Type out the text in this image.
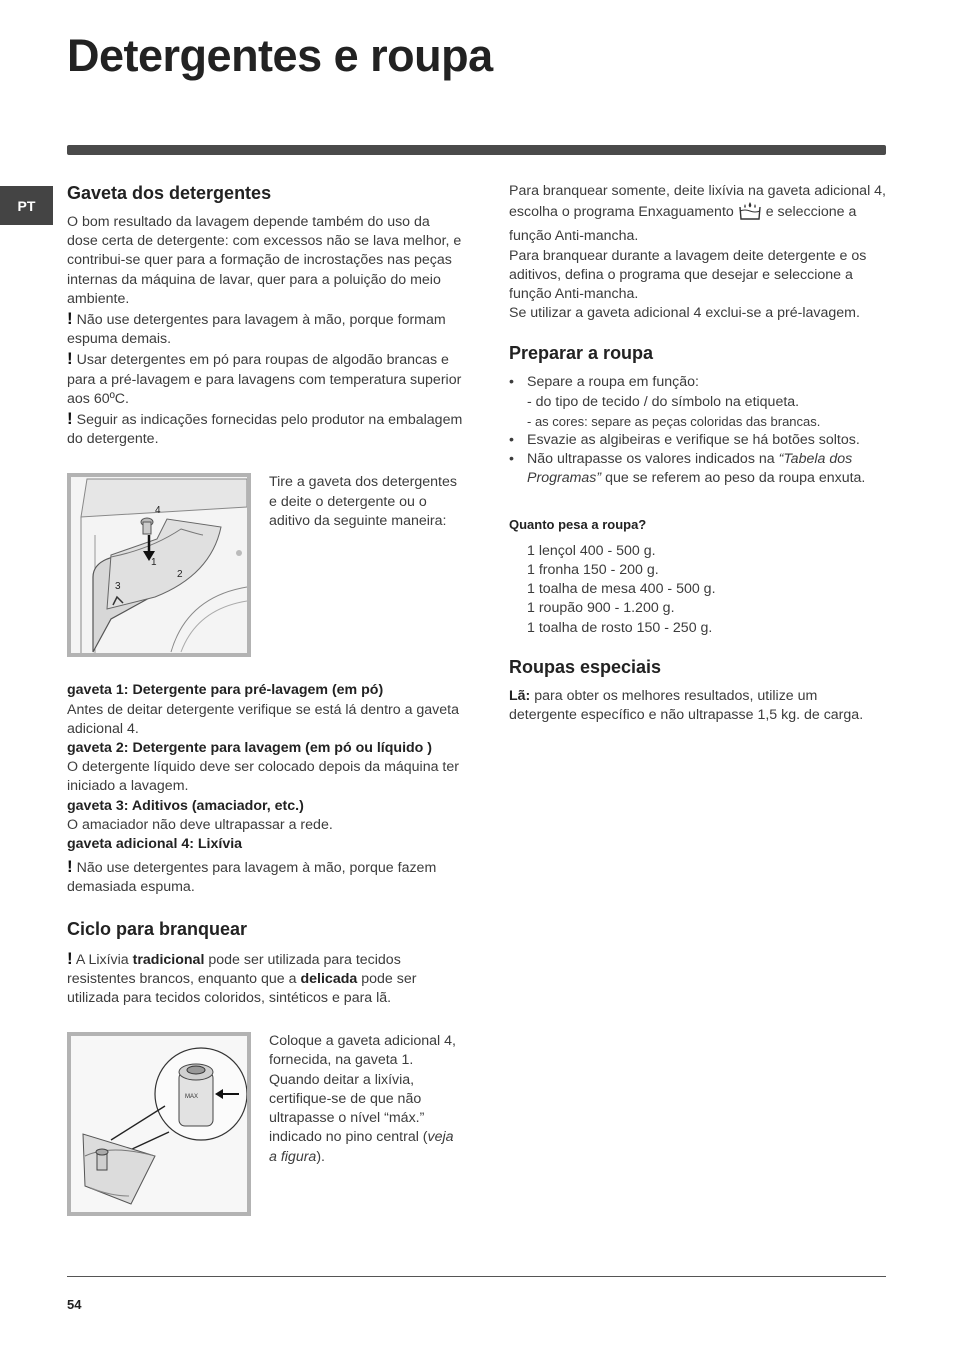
Detergentes e roupa
PT
Gaveta dos detergentes

O bom resultado da lavagem depende também do uso da dose certa de detergente: com excessos não se lava melhor, e contribui-se quer para a formação de incrostações nas peças internas da máquina de lavar, quer para a poluição do meio ambiente.

! Não use detergentes para lavagem à mão, porque formam espuma demais.

! Usar detergentes em pó para roupas de algodão brancas e para a pré-lavagem e para lavagens com temperatura superior aos 60ºC.

! Seguir as indicações fornecidas pelo produtor na embalagem do detergente.

4
1
2
3
Tire a gaveta dos detergentes e deite o detergente ou o aditivo da seguinte maneira:

gaveta 1: Detergente para pré-lavagem (em pó)

Antes de deitar detergente verifique se está lá dentro a gaveta adicional 4.

gaveta 2: Detergente para lavagem (em pó ou líquido )

O detergente líquido deve ser colocado depois da máquina ter iniciado a lavagem.

gaveta 3: Aditivos (amaciador, etc.)

O amaciador não deve ultrapassar a rede.

gaveta adicional 4: Lixívia

! Não use detergentes para lavagem à mão, porque fazem demasiada espuma.

Ciclo para branquear

! A Lixívia tradicional pode ser utilizada para tecidos resistentes brancos, enquanto que a delicada pode ser utilizada para tecidos coloridos, sintéticos e para lã.

MAX
Coloque a gaveta adicional 4, fornecida, na gaveta 1. Quando deitar a lixívia, certifique-se de que não ultrapasse o nível “máx.” indicado no pino central (veja a figura).

Para branquear somente, deite lixívia na gaveta adicional 4, escolha o programa Enxaguamento e seleccione a função Anti-mancha.

Para branquear durante a lavagem deite detergente e os aditivos, defina o programa que desejar e seleccione a função Anti-mancha.

Se utilizar a gaveta adicional 4 exclui-se a pré-lavagem.

Preparar a roupa
• Separe a roupa em função:
- do tipo de tecido / do símbolo na etiqueta.
- as cores: separe as peças coloridas das brancas.
• Esvazie as algibeiras e verifique se há botões soltos.
• Não ultrapasse os valores indicados na “Tabela dos Programas” que se referem ao peso da roupa enxuta.
Quanto pesa a roupa?
1 lençol 400 - 500 g.
1 fronha 150 - 200 g.
1 toalha de mesa 400 - 500 g.
1 roupão 900 - 1.200 g.
1 toalha de rosto 150 - 250 g.
Roupas especiais

Lã: para obter os melhores resultados, utilize um detergente específico e não ultrapasse 1,5 kg. de carga.

54
